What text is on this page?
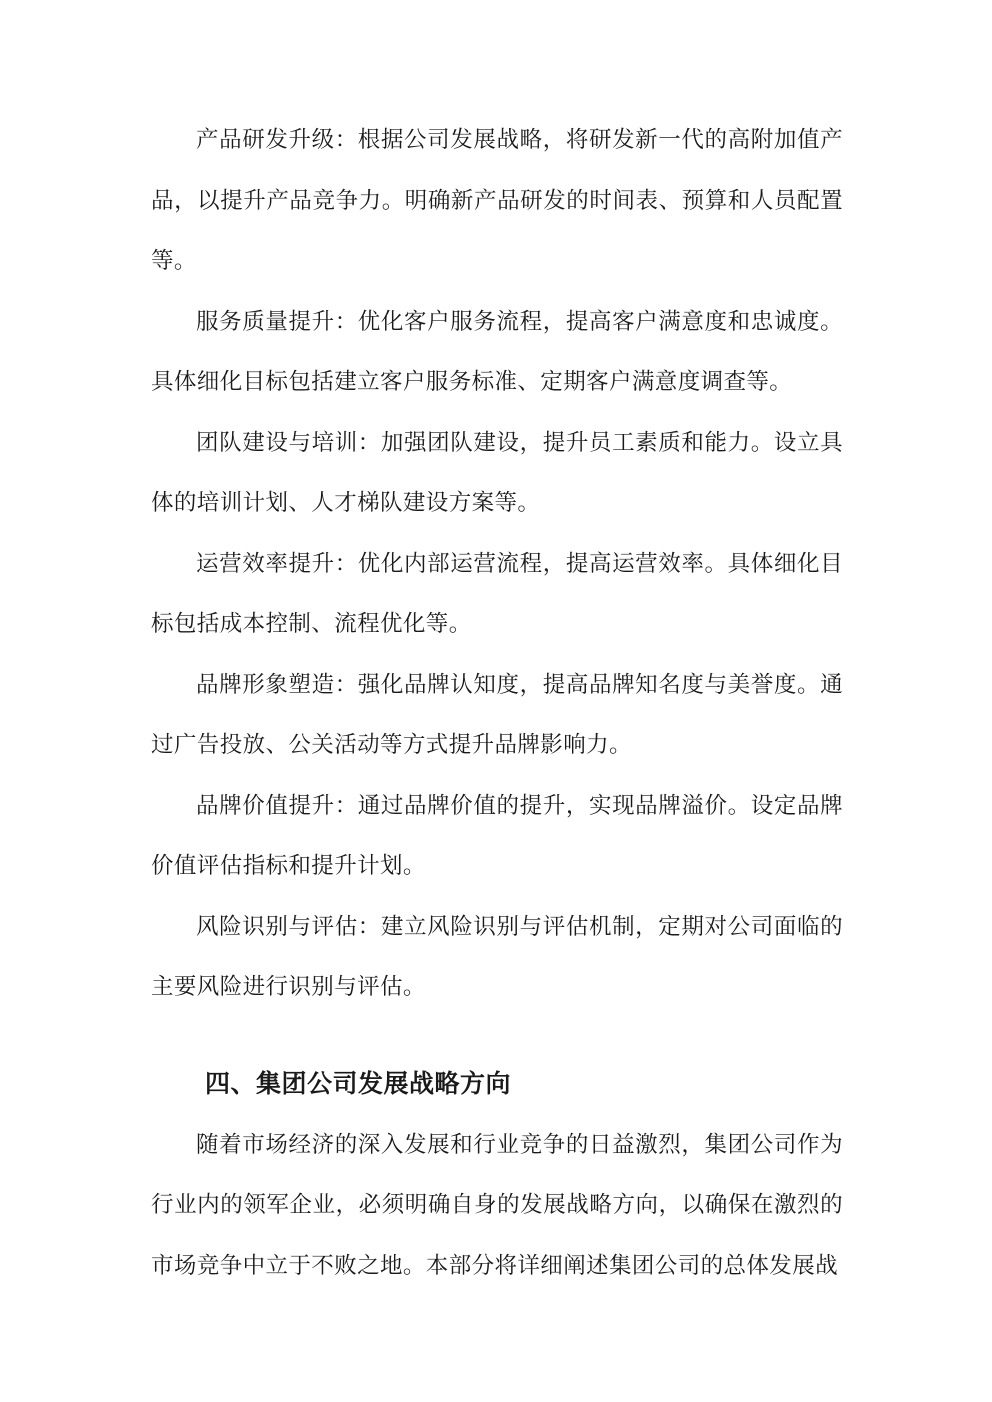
产品研发升级：根据公司发展战略，将研发新一代的高附加值产品，以提升产品竞争力。明确新产品研发的时间表、预算和人员配置等。

服务质量提升：优化客户服务流程，提高客户满意度和忠诚度。具体细化目标包括建立客户服务标准、定期客户满意度调查等。

团队建设与培训：加强团队建设，提升员工素质和能力。设立具体的培训计划、人才梯队建设方案等。

运营效率提升：优化内部运营流程，提高运营效率。具体细化目标包括成本控制、流程优化等。

品牌形象塑造：强化品牌认知度，提高品牌知名度与美誉度。通过广告投放、公关活动等方式提升品牌影响力。

品牌价值提升：通过品牌价值的提升，实现品牌溢价。设定品牌价值评估指标和提升计划。

风险识别与评估：建立风险识别与评估机制，定期对公司面临的主要风险进行识别与评估。

四、集团公司发展战略方向

随着市场经济的深入发展和行业竞争的日益激烈，集团公司作为行业内的领军企业，必须明确自身的发展战略方向，以确保在激烈的市场竞争中立于不败之地。本部分将详细阐述集团公司的总体发展战
